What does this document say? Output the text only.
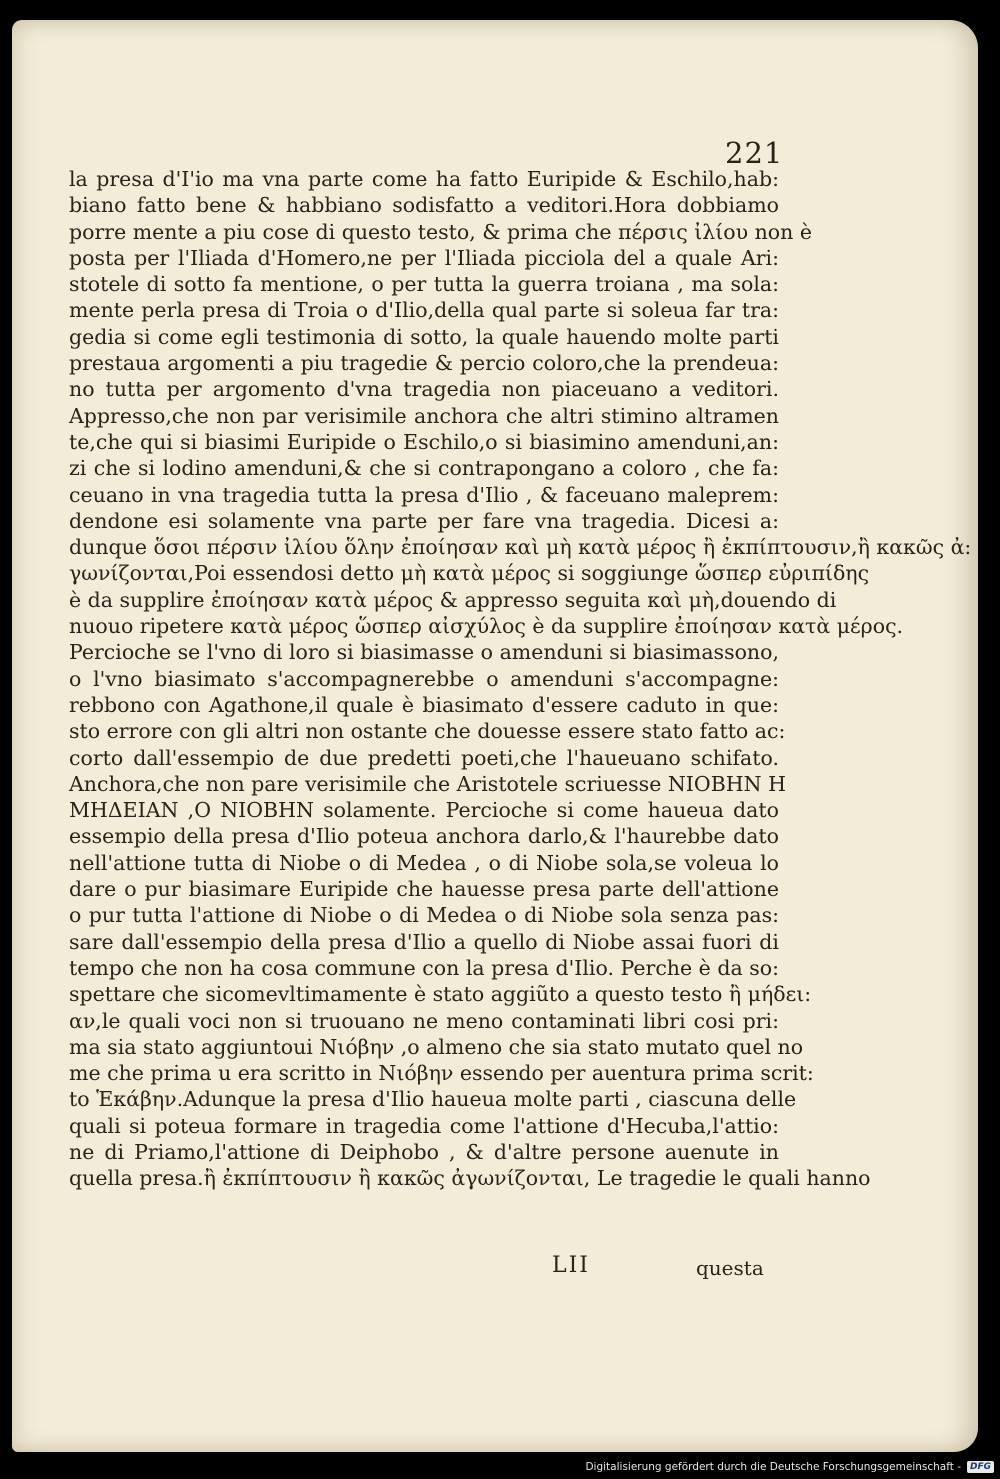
221
la presa d'I'io ma vna parte come ha fatto Euripide & Eschilo,hab:
biano fatto bene & habbiano sodisfatto a veditori.Hora dobbiamo
porre mente a piu cose di questo testo, & prima che πέρσις ἰλίου non è
posta per l'Iliada d'Homero,ne per l'Iliada picciola del a quale Ari:
stotele di sotto fa mentione, o per tutta la guerra troiana , ma sola:
mente perla presa di Troia o d'Ilio,della qual parte si soleua far tra:
gedia si come egli testimonia di sotto, la quale hauendo molte parti
prestaua argomenti a piu tragedie & percio coloro,che la prendeua:
no tutta per argomento d'vna tragedia non piaceuano a veditori.
Appresso,che non par verisimile anchora che altri stimino altramen
te,che qui si biasimi Euripide o Eschilo,o si biasimino amenduni,an:
zi che si lodino amenduni,& che si contrapongano a coloro , che fa:
ceuano in vna tragedia tutta la presa d'Ilio , & faceuano maleprem:
dendone esi solamente vna parte per fare vna tragedia. Dicesi a:
dunque ὅσοι πέρσιν ἰλίου ὅλην ἐποίησαν καὶ μὴ κατὰ μέρος ἢ ἐκπίπτουσιν,ἢ κακῶς ἀ:
γωνίζονται,Poi essendosi detto μὴ κατὰ μέρος si soggiunge ὥσπερ εὐριπίδης
è da supplire ἐποίησαν κατὰ μέρος & appresso seguita καὶ μὴ,douendo di
nuouo ripetere κατὰ μέρος ὥσπερ αἰσχύλος è da supplire ἐποίησαν κατὰ μέρος.
Percioche se l'vno di loro si biasimasse o amenduni si biasimassono,
o l'vno biasimato s'accompagnerebbe o amenduni s'accompagne:
rebbono con Agathone,il quale è biasimato d'essere caduto in que:
sto errore con gli altri non ostante che douesse essere stato fatto ac:
corto dall'essempio de due predetti poeti,che l'haueuano schifato.
Anchora,che non pare verisimile che Aristotele scriuesse ΝΙΟΒΗΝ Η
ΜΗΔΕΙΑΝ ,Ο ΝΙΟΒΗΝ solamente. Percioche si come haueua dato
essempio della presa d'Ilio poteua anchora darlo,& l'haurebbe dato
nell'attione tutta di Niobe o di Medea , o di Niobe sola,se voleua lo
dare o pur biasimare Euripide che hauesse presa parte dell'attione
o pur tutta l'attione di Niobe o di Medea o di Niobe sola senza pas:
sare dall'essempio della presa d'Ilio a quello di Niobe assai fuori di
tempo che non ha cosa commune con la presa d'Ilio. Perche è da so:
spettare che sicomevltimamente è stato aggiũto a questo testo ἢ μήδει:
αν,le quali voci non si truouano ne meno contaminati libri cosi pri:
ma sia stato aggiuntoui Νιόβην ,o almeno che sia stato mutato quel no
me che prima u era scritto in Νιόβην essendo per auentura prima scrit:
to Ἑκάβην.Adunque la presa d'Ilio haueua molte parti , ciascuna delle
quali si poteua formare in tragedia come l'attione d'Hecuba,l'attio:
ne di Priamo,l'attione di Deiphobo , & d'altre persone auenute in
quella presa.ἢ ἐκπίπτουσιν ἢ κακῶς ἀγωνίζονται, Le tragedie le quali hanno
LII	questa
Digitalisierung gefördert durch die Deutsche Forschungsgemeinschaft -	DFG
